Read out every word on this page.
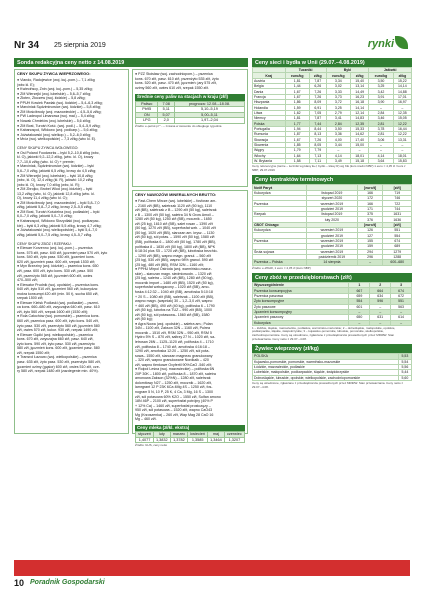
Nr 34 25 sierpnia 2019	rynki
Sonda redakcyjna ceny netto z 14.08.2019
CENY SKUPU ŻYWCA WIEPRZOWEGO:
● Viando, Radojewice (woj. kuj.-pom.) – 7,1 zł/kg
(wbc kl. E);
● Kwiecińscy, Żnin (woj. kuj.-pom.) – 5,35 zł/kg;
● ZM Wierzejki (woj. lubelskie) – 5,6–5,7 zł/kg;
● Złotex, Złoczew (woj. łódzkie) – 5,8 zł/kg;
● PPUH Kowiek Pawlak (woj. łódzkie) – 5,4–6,3 zł/kg;
● Marciniak Sędziminowice (woj. łódzkie) – 5,8 zł/kg;
● ZM Mościbrody (woj. mazowieckie) – 4,5–5,6 zł/kg;
● PW Ladeopol Limanowa (woj. mał.) – 5,4 zł/kg;
● Nowak Chmielów (woj. lubelskie) – 5,6 zł/kg;
● ZM Bost, Turośń Kość. (woj. podl.) – 5,4–5,9 zł/kg;
● Kabanospol, Wildowo (woj. podkarp.) – 5,6 zł/kg;
● Jóźwiakowski (woj. wielkop.) – 5,2–6,0 zł/kg;
● Mróz (woj. wielkopolskie) – 7,3 zł/kg (wbc kl. E).

CENY SKUPU ŻYWCA WOŁOWEGO:
● Osi Poland Foodworks – byki 5,2–10,8 zł/kg (wbc,
kl. O), jałówki 9,2–12,2 zł/kg, (wbc. kl. O), krowy
7,7–10,6 zł/kg (wbc. kl. O) + premie;
● Marciniak, Sędziminowice (woj. łódzkie) – byki
5,6–7,0 zł/kg, jałówki 6,5 zł/kg, krowy do 4,5 zł/kg;
● ZM Wierzejki (woj. lubelskie) – byki 10,8 zł/kg
(wbc, kl. O), 12,4 zł/kg (kl. R), jałówki: 10,2 zł/kg
(wbc kl. O), krowy 7,0 zł/kg (wbc, kl. R);
● ZM Zbrojko, Brobel Wlod (woj. łódzkie) – byki
13,2 zł/kg (wbc, kl. O), jałówki 12,8 zł/kg (wbc. kl.
O), krowy 11,4 zł/kg (wbc kl. O);
● ZM Mościbrody (woj. mazowieckie) – byki 5,8–7,0
zł/kg, jałówki 5,8–7,2 zł/kg, krowy 2,5–5,5 zł/kg;
● ZM Bost, Turośń Kościelna (woj. podlaskie) – byki
6,0–7,0 zł/kg, jałówki 5,0–7,0 zł/kg;
● Kabanospol, Wildowo Skrzydlaki (woj. podkarpac-
kie) – byki 6,3 zł/kg, jałówki 5,5 zł/kg, krowy 4,7 zł/kg;
● Jóźwiakowski (woj. wielkopolskie) – byki 5,4–7,0
zł/kg, jałówki 5,0–7,5 zł/kg, krowy 4,5–5,7 zł/kg.

CENY SKUPU ZBÓŻ I RZEPAKU:
● Elewarr Korzenno (woj. kuj.-pom.) – pszenica
kons. 575 zł/t, pasz. 640 zł/t, jęczmień pasz 570 zł/t, żyto
kons. 540 zł/t, żyto pasz. 530 zł/t, jęczmień kons.
620 zł/t, jęczmień pasz. 600 zł/t, rzepak 1530 zł/t;
● Myn Brzeziny (woj. łódzkie) – pszenica kons. 650
zł/t, pasz. 600 zł/t, żyto kons. 530 zł/t, pasz. 500
zł/t, pszenżyto 565 zł/t, jęczmień 600 zł/t, owies
470–500 zł/t;
● Elewator Prudnik (woj. opolskie) – pszenica kons.
640 zł/t, żyto 510 zł/t, jęczmień 560 zł/t, kukurydza:
mokra konsumpt 420 zł/t (min. 50 t), sucha 650 zł/t,
rzepak 1500 zł/t;
● Elewarr Kielsk Podlaski (woj. podlaskie) – pszeni-
ca kons. 660–680 zł/t, zwyczajna 640 zł/t, pasz. 610
zł/t, żyto 560 zł/t, rzepak 1600 zł/t (1530 zł/t);
● Rola Całochów (woj. pomorskie) – pszenica kons.
660 zł/t, pszenica pasz. 600 zł/t, żyto kons. 540 zł/t,
żyto pasz. 530 zł/t, pszenżyto 560 zł/t, jęczmień 580
zł/t, owies 570 zł/t, kukur. 930 zł/t, rzepak 1490 zł/t;
● Elewarr Gądki (woj. wielkopolskie) – pszenica
kons. 670 zł/t, zwyczajna 660 zł/t, pasz. 640 zł/t,
żyto kons. 590 zł/t, żyto pasz. 530 zł/t, pszenżyto
580 zł/t, jęczmień kons. 600 zł/t, jęczmień pasz. 580
zł/t, rzepak 1550 zł/t;
● Transrol Łazowo (woj. wielkopolskie) – pszenica
pasz. 635 zł/t, żyto pasz. 530 zł/t, pszenżyto 580 zł/t,
jęczmień ozimy (gąsior) 600 zł/t, owies 510 zł/t, cze-
ry 580 zł/t, rzepak 1480 zł/t (zazdegenie min. 40%).
● PZZ Stoisław (woj. zachodniopom.) – pszenica
kons. 670 zł/t, pasz. 610 zł/t, pszenżyto 535 zł/t, żyto
kons. 520 zł/t, pasz. 470 zł/t, jęczmień: jary 575 zł/t,
ozimy 560 zł/t, owies 610 zł/t, rzepak 1550 zł/t.
Średnie ceny paliw na stacjach w kraju (zł/l)
Paliwo	7.08	prognoza: 12.08.–18.08.
Pb95	5,11	5,10–5,19
ON	5,07	5,00–5,11
LPG	2,0	1,97–2,04
Źródło: e-petrol.pl * ‑ – zmiana w stosunku do ubiegłego tygodnia
CENY NAWOZÓW MINERALNYCH BRUTTO:
● Fast-Chem Mircze (woj. lubelskie) – fosforan am-
– 2160 zł/t (BB), saletrzak 1120 zł/t (50 kg), 1110
zł/t (BB), saletrzak z B – 1290 zł/t (50 kg), saletrzak
z B – 1300 zł/t (50 kg), saletra 34 N Grow Amoil –
1280 zł/t (50 kg), 1250 zł/t (BB), mocznik – 1650
zł/t (25 kg), 1610 zł/t (BB), salet rosan – 1390 zł/t
(50 kg), 1270 zł/t (BB), superfosfat wzb. – 1040 zł/t
(50 kg), 1020 zł/t (BB), siarczan am. krysz. – 1130
zł/t (50 kg), sól potas. – 1590 zł/t (50 kg), 1580 zł/t
(BB), polifoska 6 – 1800 zł/t (50 kg), 1780 zł/t (BB),
polifoska 8 – 1830 zł/t (50 kg), 1800 zł/t (BB), NPK
6:18:34 plus S5 – 1720 zł/t (BB), lubofoska bezchlo-
– 1290 zł/t (BB), wapno magn. granul. – 560 zł/t
(25 kg), 530 zł/t (BB), wapno 98% granul. 590 zł/t
(25 kg), 480 zł/t (BB), RSM 32N – 1160 zł/t;
● PPHU Mirpol Ostróda (woj. warmińsko-mazur-
skie) – siarczan magn. siedmiowodn. – 1320 zł/t
(25 kg), saletra – 1240 zł/t (BB), 1280 zł/t (50 kg),
mocznik import – 1480 zł/t (BB), 1520 zł/t (50 kg),
superfosfat wzbogacony – 1020 zł/t (BB), amo-
foska 4:12:32 – 1040 zł/t (BB), amofoska 5:10:18
+ 20 S – 1080 zł/t (BB), saletrzak – 1100 zł/t (BB),
wapno magn. (wapniak) 30 – 1,2–3,0 zł/t, wapno
+ 460 zł/t (BB), 490 zł/t (40 kg), polifoska 6 – 1790
zł/t (50 kg), lubofos na TUZ – 990 zł/t (BB), 1000
zł/t (50 kg), sól potasowa– 1560 zł/t (BB), 1580
zł/t (50 kg);
● Agra Nowa (woj. opolskie) – saletra am.; Pulan
34N – 1100 zł/t, Zakson 32N – 1160 zł/t, Pulrea
mocznik – 1510 zł/t, RSM 32N – 950 zł/t, RSM 5
Hydro 5% S – 870 zł/t, saltrzy 27 N – 1020 zł/t, sa-
letrosan 26N – 1125–1120 zł/t, polifoska 4 – 1710
zł/t, polifoska 8 – 1740 zł/t, amofoska 4:16:18 –
1290 zł/t, amofoska 12:20 – 1250 zł/t, sól pota-
sowa– 1550 zł/t, siarczan magnezu granulowany
– 320 zł/t, wapno granulowane Nordkalk – 420
zł/t, wapno tlenkowe Oxyfertil 90%CaO -540 zł/t;
● Rolpol Leśna (woj. mazowieckie) – polifoska 6N
20P 30K – 1800 zł/t, polifoska 8 – 1870 zł/t, saletra
amonowa Zakson (32%N) – 1280 zł/t, saletrzak
dolomitowy N27 – 1250 zł/t, mocznik – 1620 zł/t,
lamrgrant 12 P 23K 6Ca 4Mg 4S – 1250 zł/t, fos-
nogram 5 N, 10 P, 25 K, 4 Ca, 3 Mg, 16 S – 1300
zł/t, sól potasowa 60% K2O – 1550 zł/t, Sulfan amono
18N 46P – 2100 zł/t, superfosfat potrójny (40% P
+ 12% Ca) – 1460 zł/t, superfosfat prostozęzy –
950 zł/t, sól potasowa – 1520 zł/t, wapno CaO43
Mg (Krzoszenka) – 260 zł/t, Wap Mag 28 CaO 16
Mg – 460 zł/t.
Ceny mleka (zł/kl. ekstra)
styczeń	luty	marzec	kwiecień	maj	czerwiec
1,4077	1,3832	1,3782	1,3585	1,3464	1,3207
Źródło: GUS, ceny netto
Ceny sieci i bydła w Unii (29.07.–4.08.2019)
	Tuczniki		Byki		Jałówki	
Kraj	euro/kg	zł/kg	euro/kg	zł/kg	euro/kg	zł/kg
Austria	1,81	7,87	3,34	15,40	3,50	15,22
Belgia	1,44	6,26	3,02	13,14	3,25	14,14
Dania	1,67	7,26	3,33	14,49	3,42	14,88
Francja	1,67	7,26	3,73	16,23	3,91	17,01
Hiszpania	1,86	8,09	3,72	16,18	3,90	16,97
Holandia	1,59	6,91	3,25	14,14	–	–
Litwa	1,62	7,05	2,79	12,14	2,84	12,35
Niemcy	1,81	7,87	3,41	14,83	3,46	15,05
Polska	1,77	7,44	2,84	12,35	2,81	12,22
Portugalia	1,94	8,44	3,50	15,33	3,78	16,44
Rumunia	1,87	8,13	3,36	14,62	2,81	12,22
Słowacja	1,67	7,26	4,00	17,40	3,06	13,31
Słowenia	1,85	8,05	3,44	15,00	–	–
Węgry	1,79	7,79	–	–	–	–
Włochy	1,64	7,13	4,14	18,01	4,14	18,01
W. Brytania	1,58	7,11	3,49	15,18	3,64	15,83
Ceny referencyjne (tarcie – tuczniki wg klasy E+l; bydło – klasy R) wg KE (kurs średni NBP) 1 euro = 4,35 zł / kurs z NBP; 29.07.2019
Ceny kontraktów terminowych
Notif Paryż		[euro/t]	[zł/t]
Kukurydza	listopad 2019	166	719
	styczeń 2020	172	746
Pszenica	wrzesień 2019	166	722
	grudzień 2019	171	744
Rzepak	listopad 2019	375	1631
	luty 2020	376	1636
CBOT Chicago		[euro/t]	[zł/t]
Kukurydza	wrzesień 2019	126	551
	grudzień 2019	127	554
Pszenica	wrzesień 2019	155	674
	grudzień 2019	159	689
Śruta sojowa	wrzesień 2019	294	1279
	październik 2019	296	1288
Pszenica – Polska	14 sierpnia	–	600–680
Źródło: e-WGiR, 1 euro = 4,35 zł (kurs NBP)
Ceny zbóż w przedsiębiorstwach (zł/t)
Wyszczególnienie	1	2	3
Pszenica konsumpcyjna	667	664	674
Pszenica paszowa	659	634	672
Żyto konsumpcyjne	554	596	551
Żyto paszowe	601	–	563
Jęczmień konsumpcyjny	–	–	–
Jęczmień paszowy	650	631	614
Kukurydza	–	–	–
1 – łódzkie, śląskie, mazowieckie, podlaskie, warmińsko-mazurskie; 2 – dolnośląskie, małopolskie, opolskie, podkarpackie, śląskie, świętokrzyskie; 3 – kujawsko-pomorskie, lubuskie, pomorskie, wielkopolskie, zachodniopomorskie. Ceny są uśrednione, zgłaszane z przedsiębiorstw prowadzonych przez MRiRW. Stan przetwarzania. Ceny netto z 29.07.–4.08.
Żywiec wieprzowy (zł/kg)
POLSKA	5,53
Kujawsko-pomorskie, pomorskie, warmińsko-mazurskie	5,54
Łódzkie, mazowieckie, podlaskie	5,56
Lubelskie, małopolskie, podkarpackie, śląskie, świętokrzyskie	5,44
Dolnośląskie, lubuskie, opolskie, wielkopolskie, zachodniopomorskie	5,60
Ceny są uśrednione, zgłaszane z przedsiębiorstw prowadzonych przez MRiRW. Stan przetwarzania. Ceny netto z 29.07.–4.08.
10 Poradnik Gospodarski
